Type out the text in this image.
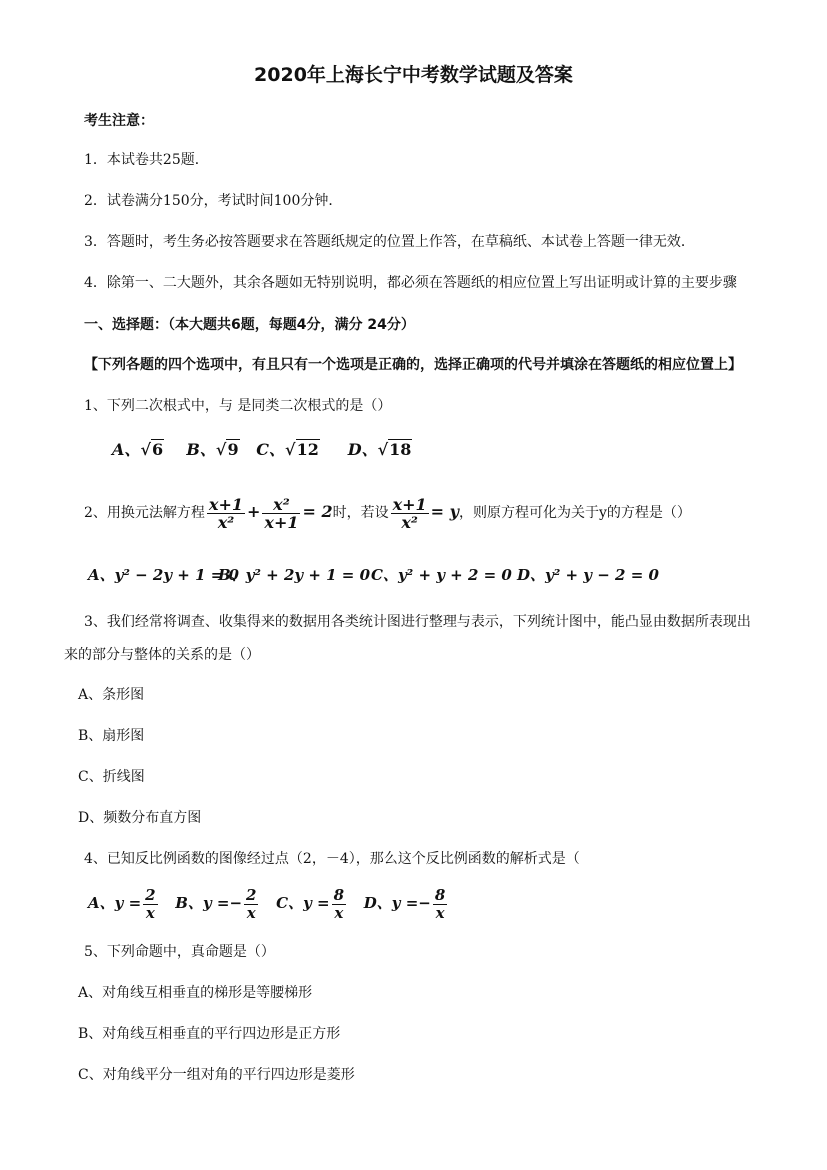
2020年上海长宁中考数学试题及答案
考生注意：
1．本试卷共25题．
2．试卷满分150分，考试时间100分钟．
3．答题时，考生务必按答题要求在答题纸规定的位置上作答，在草稿纸、本试卷上答题一律无效．
4．除第一、二大题外，其余各题如无特别说明，都必须在答题纸的相应位置上写出证明或计算的主要步骤
一、选择题：（本大题共6题，每题4分，满分 24分）
【下列各题的四个选项中，有且只有一个选项是正确的，选择正确项的代号并填涂在答题纸的相应位置上】
1、下列二次根式中，与 是同类二次根式的是（）
A、√6 B、√9 C、√12 D、√18
2、用换元法解方程 $\frac{x+1}{\text{x²}} + \frac{\text{x²}}{x+1} = 2$时，若设 $\frac{x+1}{\text{x²}} = y$，则原方程可化为关于y的方程是（）
A、y² − 2y + 1 = 0
B、y² + 2y + 1 = 0 C、y² + y + 2 = 0 D、y² + y − 2 = 0
3、我们经常将调查、收集得来的数据用各类统计图进行整理与表示，下列统计图中，能凸显由数据所表现出
来的部分与整体的关系的是（）
A、条形图
B、扇形图
C、折线图
D、频数分布直方图
4、已知反比例函数的图像经过点（2，－4），那么这个反比例函数的解析式是（
A、$y = \frac{2}{x}$ B、$y =- \frac{2}{x}$ C、$y = \frac{8}{x}$ D、$y =- \frac{8}{x}$
5、下列命题中，真命题是（）
A、对角线互相垂直的梯形是等腰梯形
B、对角线互相垂直的平行四边形是正方形
C、对角线平分一组对角的平行四边形是菱形
